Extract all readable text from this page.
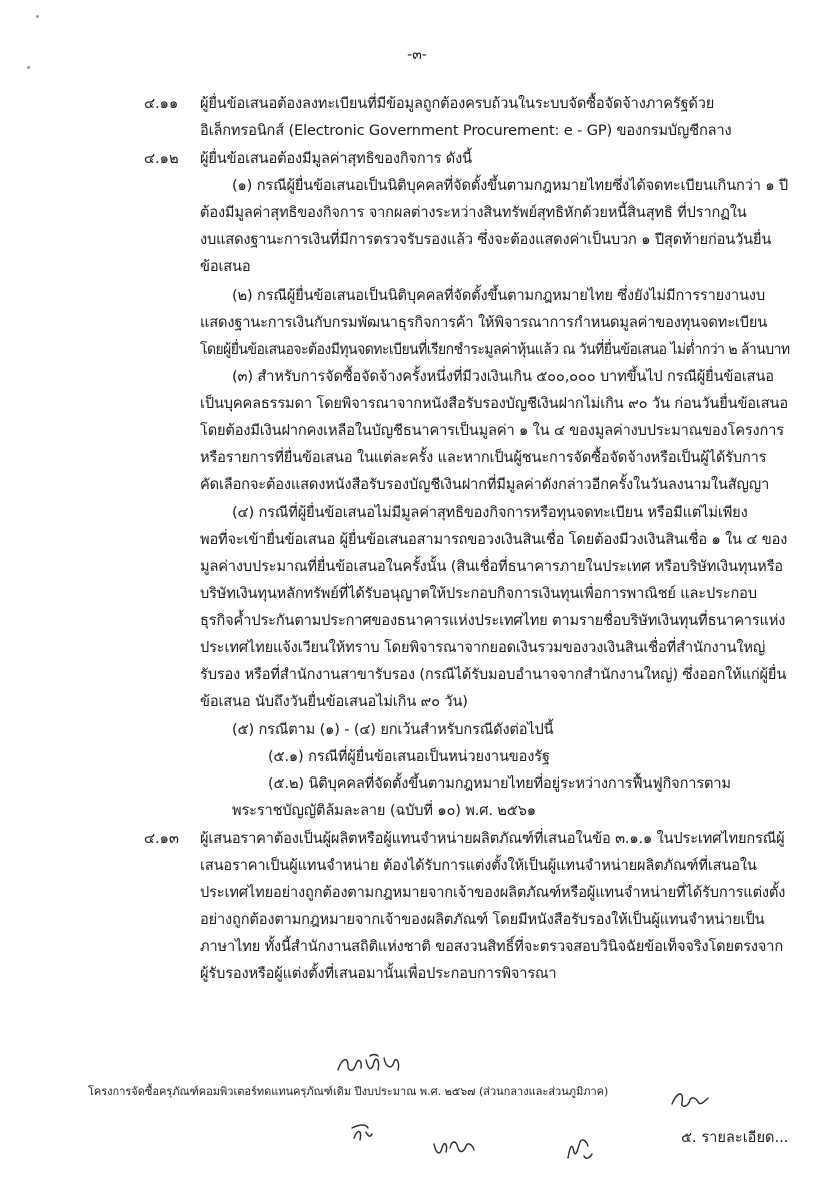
-๓-
๔.๑๑ ผู้ยื่นข้อเสนอต้องลงทะเบียนที่มีข้อมูลถูกต้องครบถ้วนในระบบจัดซื้อจัดจ้างภาครัฐด้วย
อิเล็กทรอนิกส์ (Electronic Government Procurement: e - GP) ของกรมบัญชีกลาง
๔.๑๒ ผู้ยื่นข้อเสนอต้องมีมูลค่าสุทธิของกิจการ ดังนี้
(๑) กรณีผู้ยื่นข้อเสนอเป็นนิติบุคคลที่จัดตั้งขึ้นตามกฎหมายไทยซึ่งได้จดทะเบียนเกินกว่า ๑ ปี
ต้องมีมูลค่าสุทธิของกิจการ จากผลต่างระหว่างสินทรัพย์สุทธิหักด้วยหนี้สินสุทธิ ที่ปรากฏใน
งบแสดงฐานะการเงินที่มีการตรวจรับรองแล้ว ซึ่งจะต้องแสดงค่าเป็นบวก ๑ ปีสุดท้ายก่อนวันยื่น
ข้อเสนอ
(๒) กรณีผู้ยื่นข้อเสนอเป็นนิติบุคคลที่จัดตั้งขึ้นตามกฎหมายไทย ซึ่งยังไม่มีการรายงานงบ
แสดงฐานะการเงินกับกรมพัฒนาธุรกิจการค้า ให้พิจารณาการกำหนดมูลค่าของทุนจดทะเบียน
โดยผู้ยื่นข้อเสนอจะต้องมีทุนจดทะเบียนที่เรียกชำระมูลค่าหุ้นแล้ว ณ วันที่ยื่นข้อเสนอ ไม่ต่ำกว่า ๒ ล้านบาท
(๓) สำหรับการจัดซื้อจัดจ้างครั้งหนึ่งที่มีวงเงินเกิน ๕๐๐,๐๐๐ บาทขึ้นไป กรณีผู้ยื่นข้อเสนอ
เป็นบุคคลธรรมดา โดยพิจารณาจากหนังสือรับรองบัญชีเงินฝากไม่เกิน ๙๐ วัน ก่อนวันยื่นข้อเสนอ
โดยต้องมีเงินฝากคงเหลือในบัญชีธนาคารเป็นมูลค่า ๑ ใน ๔ ของมูลค่างบประมาณของโครงการ
หรือรายการที่ยื่นข้อเสนอ ในแต่ละครั้ง และหากเป็นผู้ชนะการจัดซื้อจัดจ้างหรือเป็นผู้ได้รับการ
คัดเลือกจะต้องแสดงหนังสือรับรองบัญชีเงินฝากที่มีมูลค่าดังกล่าวอีกครั้งในวันลงนามในสัญญา
(๔) กรณีที่ผู้ยื่นข้อเสนอไม่มีมูลค่าสุทธิของกิจการหรือทุนจดทะเบียน หรือมีแต่ไม่เพียง
พอที่จะเข้ายื่นข้อเสนอ ผู้ยื่นข้อเสนอสามารถขอวงเงินสินเชื่อ โดยต้องมีวงเงินสินเชื่อ ๑ ใน ๔ ของ
มูลค่างบประมาณที่ยื่นข้อเสนอในครั้งนั้น (สินเชื่อที่ธนาคารภายในประเทศ หรือบริษัทเงินทุนหรือ
บริษัทเงินทุนหลักทรัพย์ที่ได้รับอนุญาตให้ประกอบกิจการเงินทุนเพื่อการพาณิชย์ และประกอบ
ธุรกิจค้ำประกันตามประกาศของธนาคารแห่งประเทศไทย ตามรายชื่อบริษัทเงินทุนที่ธนาคารแห่ง
ประเทศไทยแจ้งเวียนให้ทราบ โดยพิจารณาจากยอดเงินรวมของวงเงินสินเชื่อที่สำนักงานใหญ่
รับรอง หรือที่สำนักงานสาขารับรอง (กรณีได้รับมอบอำนาจจากสำนักงานใหญ่) ซึ่งออกให้แก่ผู้ยื่น
ข้อเสนอ นับถึงวันยื่นข้อเสนอไม่เกิน ๙๐ วัน)
(๕) กรณีตาม (๑) - (๔) ยกเว้นสำหรับกรณีดังต่อไปนี้
(๕.๑) กรณีที่ผู้ยื่นข้อเสนอเป็นหน่วยงานของรัฐ
(๕.๒) นิติบุคคลที่จัดตั้งขึ้นตามกฎหมายไทยที่อยู่ระหว่างการฟื้นฟูกิจการตาม
พระราชบัญญัติล้มละลาย (ฉบับที่ ๑๐) พ.ศ. ๒๕๖๑
๔.๑๓ ผู้เสนอราคาต้องเป็นผู้ผลิตหรือผู้แทนจำหน่ายผลิตภัณฑ์ที่เสนอในข้อ ๓.๑.๑ ในประเทศไทยกรณีผู้
เสนอราคาเป็นผู้แทนจำหน่าย ต้องได้รับการแต่งตั้งให้เป็นผู้แทนจำหน่ายผลิตภัณฑ์ที่เสนอใน
ประเทศไทยอย่างถูกต้องตามกฎหมายจากเจ้าของผลิตภัณฑ์หรือผู้แทนจำหน่ายที่ได้รับการแต่งตั้ง
อย่างถูกต้องตามกฎหมายจากเจ้าของผลิตภัณฑ์ โดยมีหนังสือรับรองให้เป็นผู้แทนจำหน่ายเป็น
ภาษาไทย ทั้งนี้สำนักงานสถิติแห่งชาติ ขอสงวนสิทธิ์ที่จะตรวจสอบวินิจฉัยข้อเท็จจริงโดยตรงจาก
ผู้รับรองหรือผู้แต่งตั้งที่เสนอมานั้นเพื่อประกอบการพิจารณา
โครงการจัดซื้อครุภัณฑ์คอมพิวเตอร์ทดแทนครุภัณฑ์เดิม ปีงบประมาณ พ.ศ. ๒๕๖๗ (ส่วนกลางและส่วนภูมิภาค)
๕. รายละเอียด...
